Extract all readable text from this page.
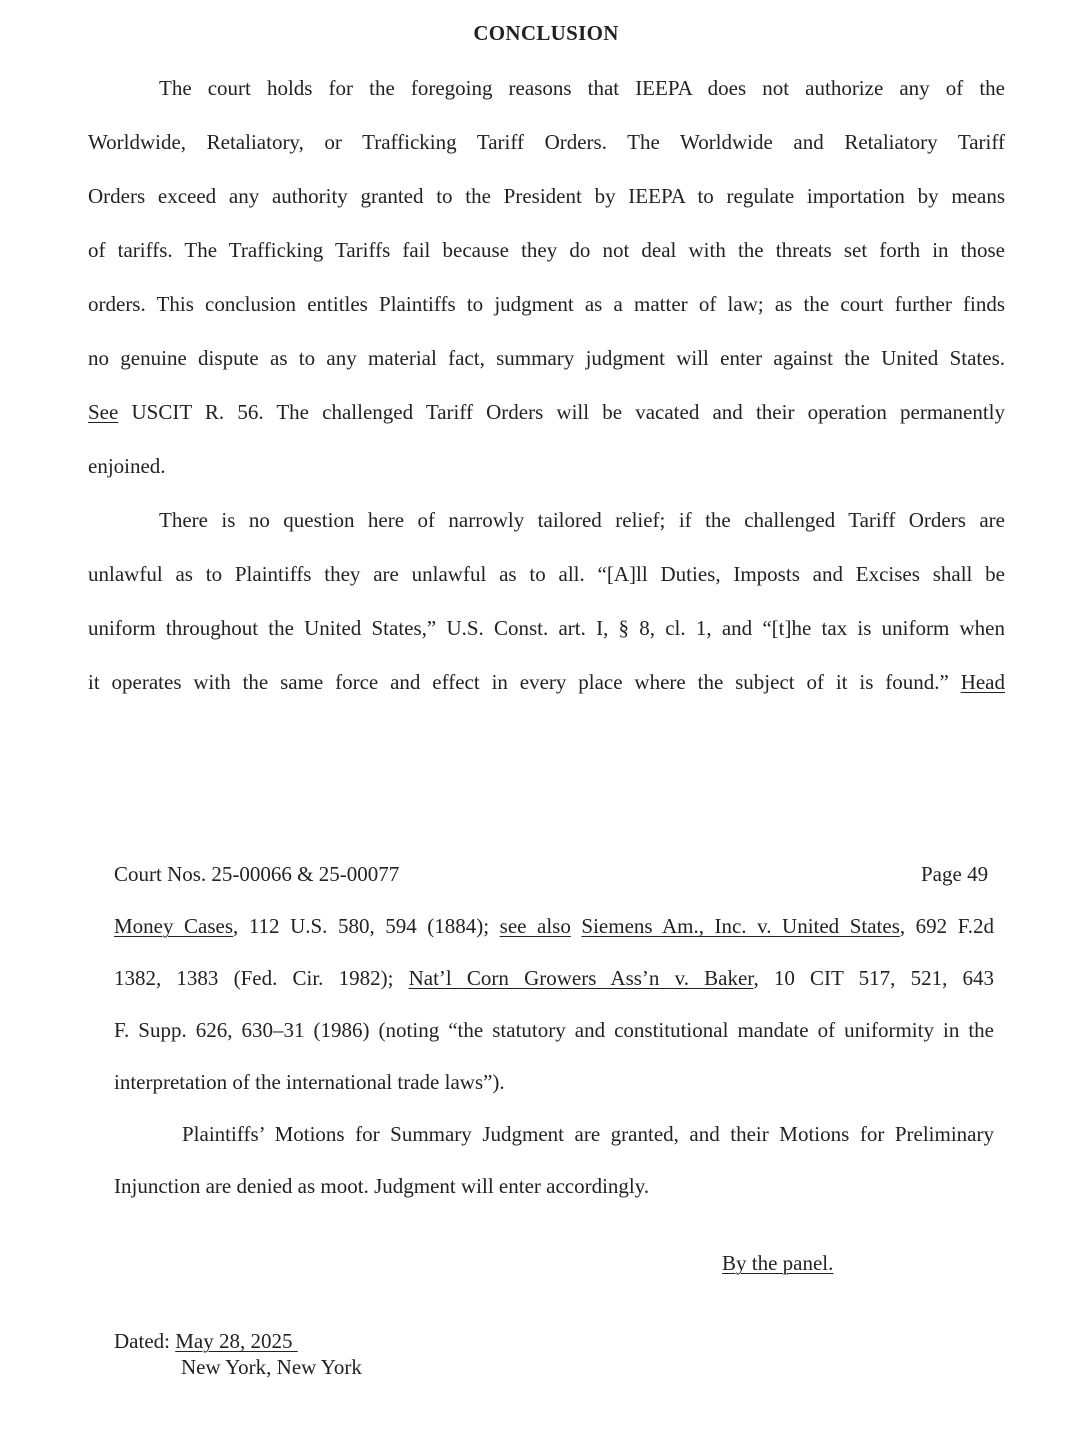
CONCLUSION
The court holds for the foregoing reasons that IEEPA does not authorize any of the
Worldwide, Retaliatory, or Trafficking Tariff Orders. The Worldwide and Retaliatory Tariff
Orders exceed any authority granted to the President by IEEPA to regulate importation by means
of tariffs. The Trafficking Tariffs fail because they do not deal with the threats set forth in those
orders. This conclusion entitles Plaintiffs to judgment as a matter of law; as the court further finds
no genuine dispute as to any material fact, summary judgment will enter against the United States.
See USCIT R. 56. The challenged Tariff Orders will be vacated and their operation permanently
enjoined.
There is no question here of narrowly tailored relief; if the challenged Tariff Orders are
unlawful as to Plaintiffs they are unlawful as to all. “[A]ll Duties, Imposts and Excises shall be
uniform throughout the United States,” U.S. Const. art. I, § 8, cl. 1, and “[t]he tax is uniform when
it operates with the same force and effect in every place where the subject of it is found.” Head
Court Nos. 25-00066 & 25-00077	Page 49
Money Cases, 112 U.S. 580, 594 (1884); see also Siemens Am., Inc. v. United States, 692 F.2d
1382, 1383 (Fed. Cir. 1982); Nat’l Corn Growers Ass’n v. Baker, 10 CIT 517, 521, 643
F. Supp. 626, 630–31 (1986) (noting “the statutory and constitutional mandate of uniformity in the
interpretation of the international trade laws”).
Plaintiffs’ Motions for Summary Judgment are granted, and their Motions for Preliminary
Injunction are denied as moot. Judgment will enter accordingly.
By the panel.
Dated: May 28, 2025
New York, New York
